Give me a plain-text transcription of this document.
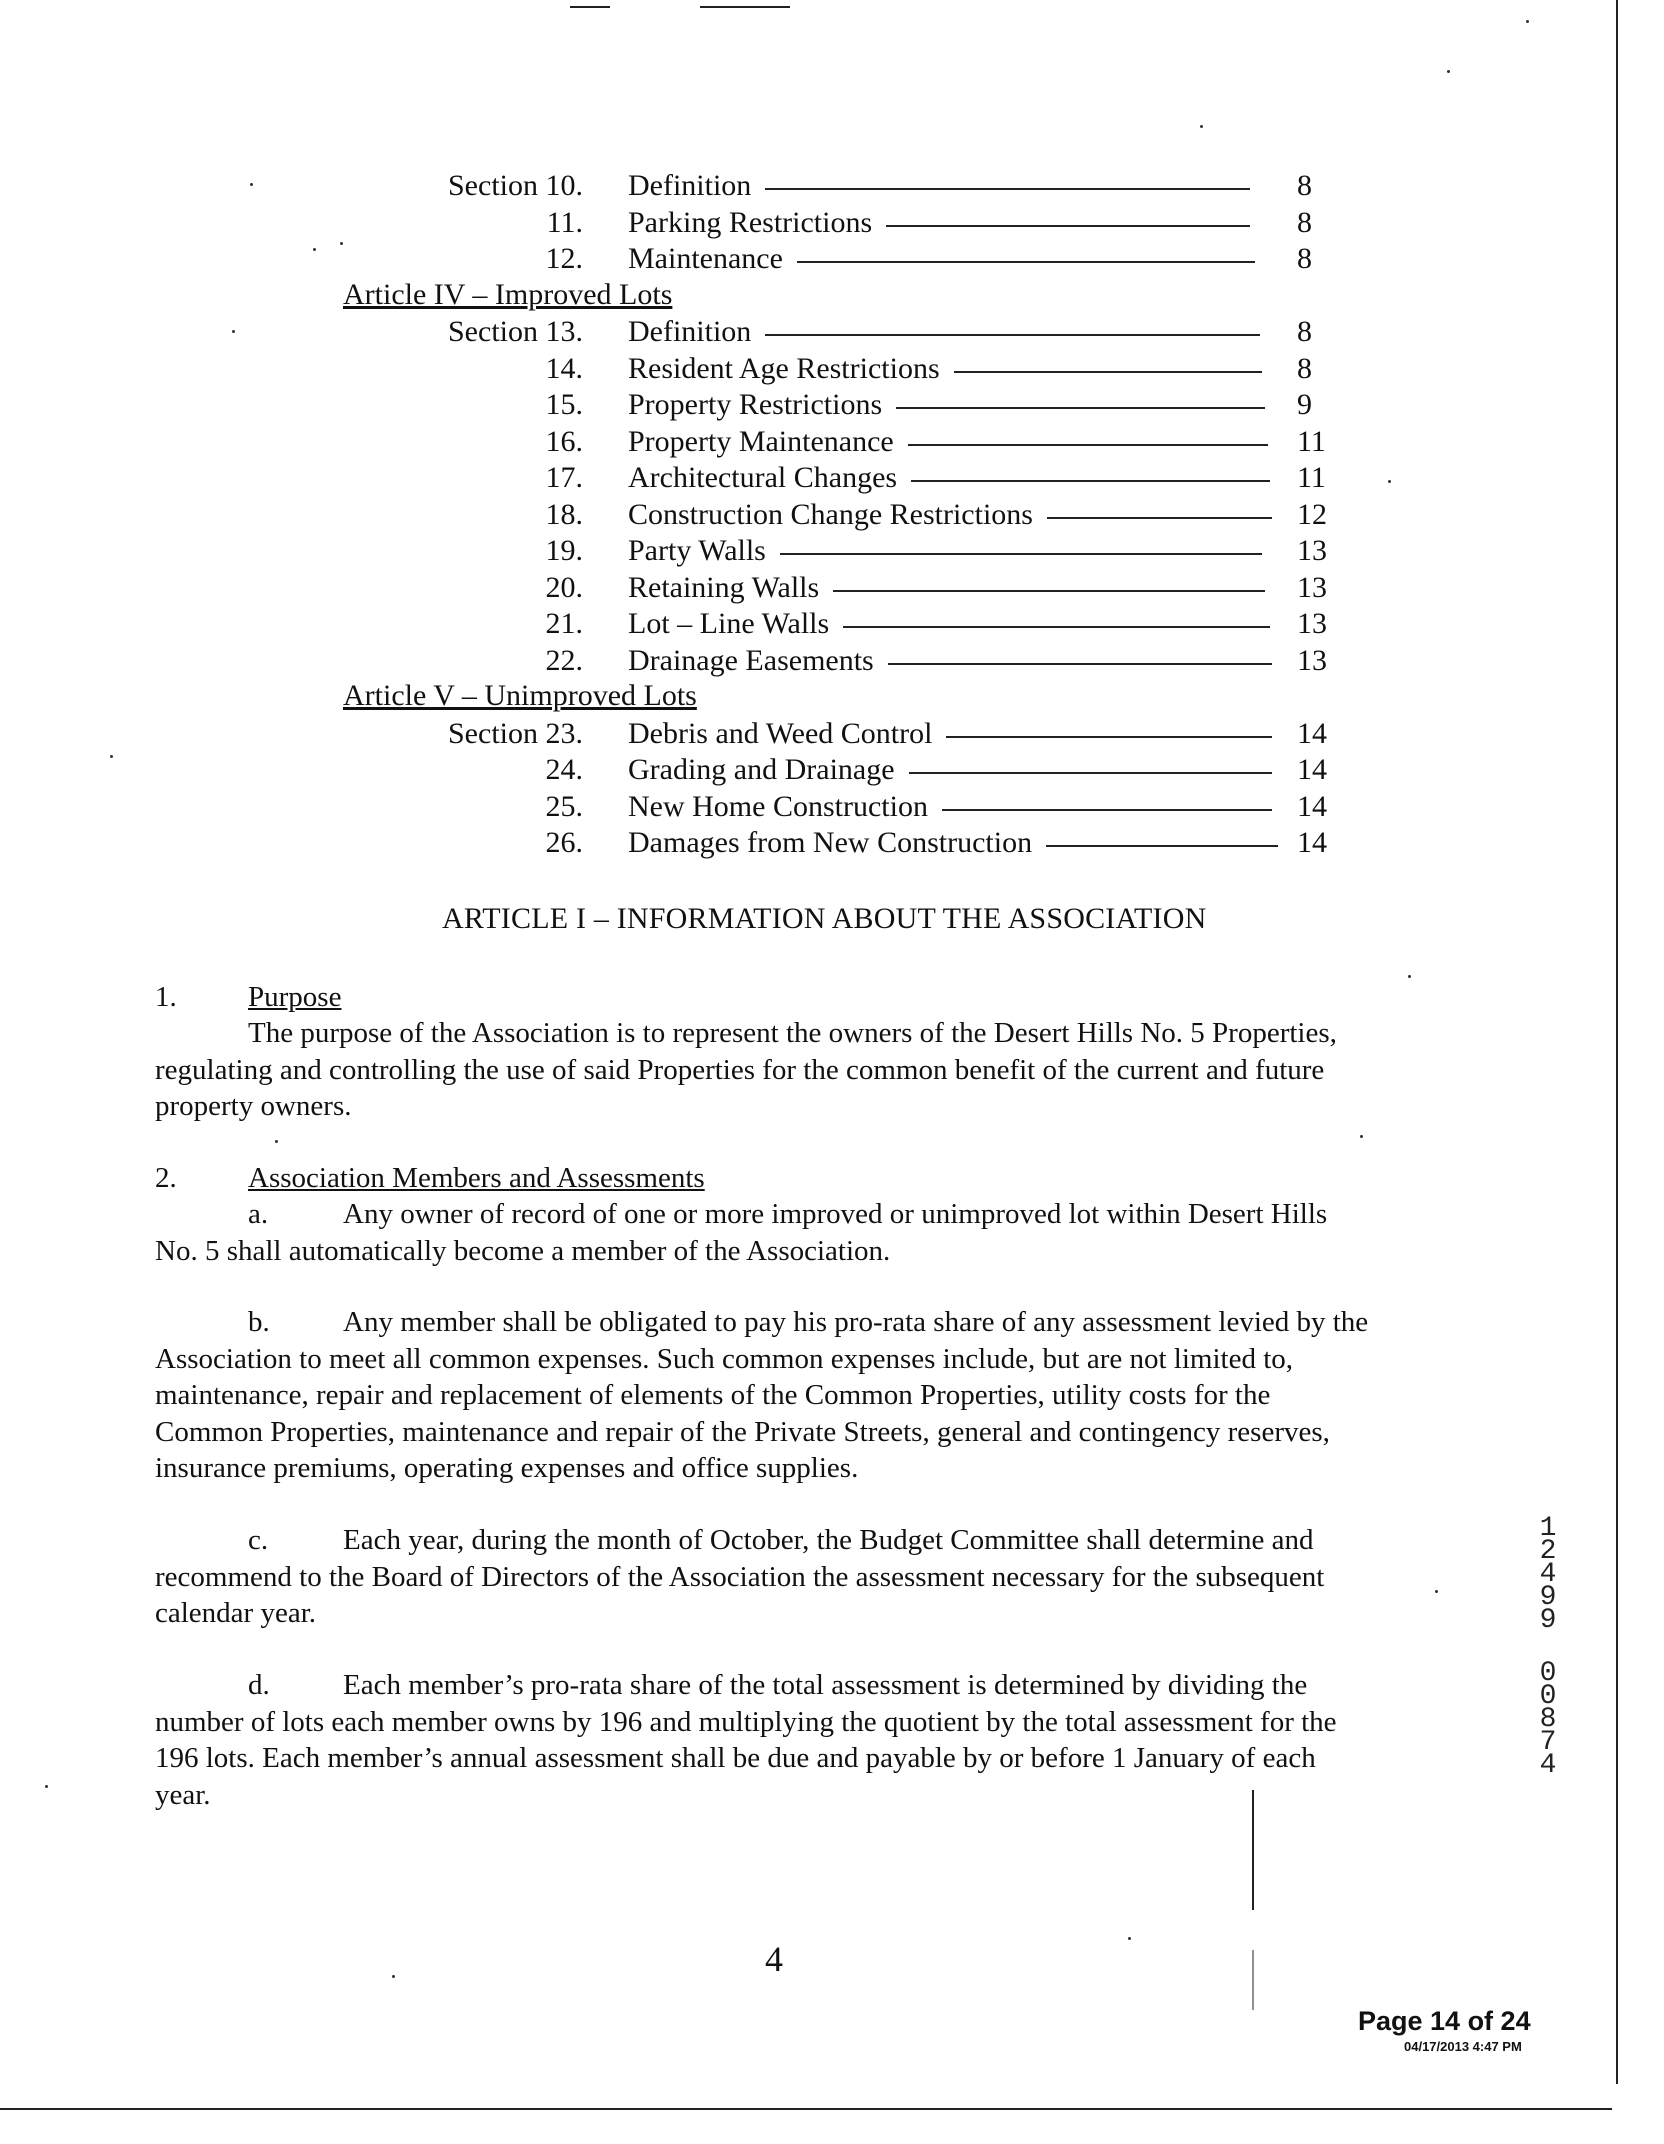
Section 10. Definition	8
11. Parking Restrictions	8
12. Maintenance	8
Article IV – Improved Lots
Section 13. Definition	8
14. Resident Age Restrictions	8
15. Property Restrictions	9
16. Property Maintenance	11
17. Architectural Changes	11
18. Construction Change Restrictions	12
19. Party Walls	13
20. Retaining Walls	13
21. Lot – Line Walls	13
22. Drainage Easements	13
Article V – Unimproved Lots
Section 23. Debris and Weed Control	14
24. Grading and Drainage	14
25. New Home Construction	14
26. Damages from New Construction	14
ARTICLE I – INFORMATION ABOUT THE ASSOCIATION
1. Purpose
The purpose of the Association is to represent the owners of the Desert Hills No. 5 Properties, regulating and controlling the use of said Properties for the common benefit of the current and future property owners.
2. Association Members and Assessments
a.	Any owner of record of one or more improved or unimproved lot within Desert Hills No. 5 shall automatically become a member of the Association.
b.	Any member shall be obligated to pay his pro-rata share of any assessment levied by the Association to meet all common expenses. Such common expenses include, but are not limited to, maintenance, repair and replacement of elements of the Common Properties, utility costs for the Common Properties, maintenance and repair of the Private Streets, general and contingency reserves, insurance premiums, operating expenses and office supplies.
c.	Each year, during the month of October, the Budget Committee shall determine and recommend to the Board of Directors of the Association the assessment necessary for the subsequent calendar year.
d.	Each member’s pro-rata share of the total assessment is determined by dividing the number of lots each member owns by 196 and multiplying the quotient by the total assessment for the 196 lots. Each member’s annual assessment shall be due and payable by or before 1 January of each year.
1
2
4
9
9
0
0
8
7
4
4
Page 14 of 24
04/17/2013 4:47 PM
